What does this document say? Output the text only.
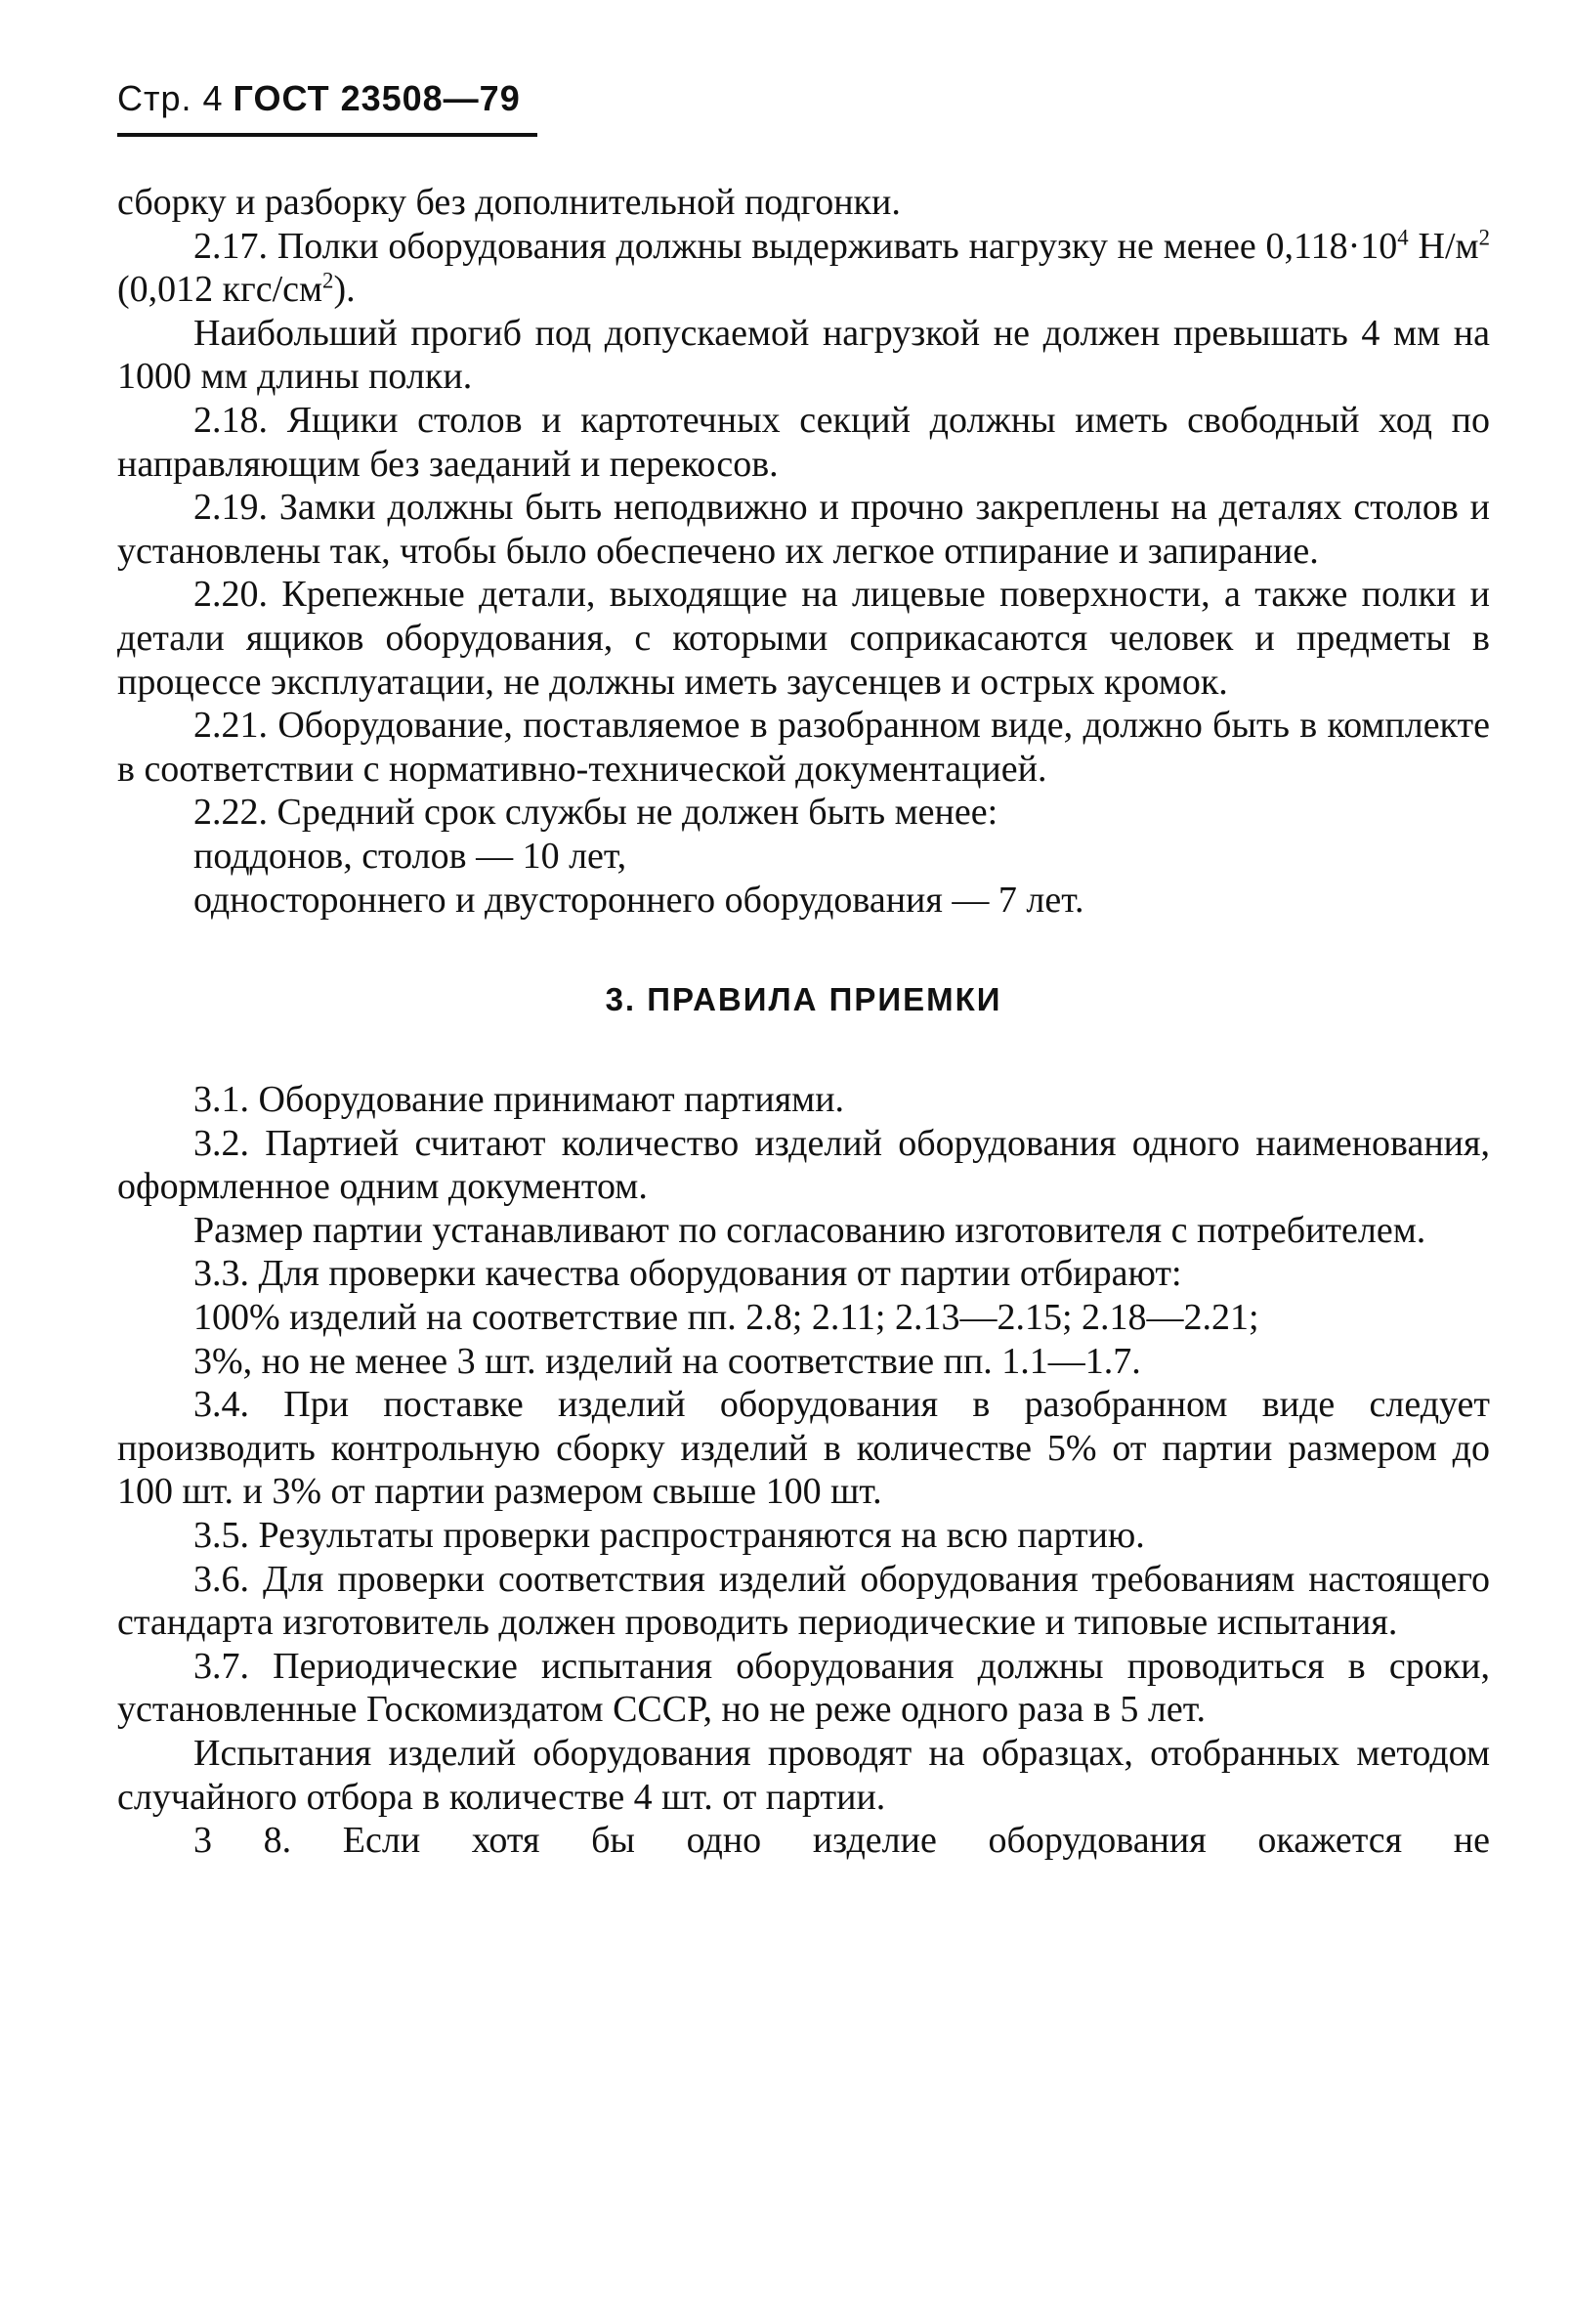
Стр. 4 ГОСТ 23508—79

сборку и разборку без дополнительной подгонки.

2.17. Полки оборудования должны выдерживать нагрузку не менее $0,118\cdot 10^4$ $Н/м^2$ (0,012 кгс/$см^2$).

Наибольший прогиб под допускаемой нагрузкой не должен превышать 4 мм на 1000 мм длины полки.

2.18. Ящики столов и картотечных секций должны иметь свободный ход по направляющим без заеданий и перекосов.

2.19. Замки должны быть неподвижно и прочно закреплены на деталях столов и установлены так, чтобы было обеспечено их легкое отпирание и запирание.

2.20. Крепежные детали, выходящие на лицевые поверхности, а также полки и детали ящиков оборудования, с которыми соприкасаются человек и предметы в процессе эксплуатации, не должны иметь заусенцев и острых кромок.

2.21. Оборудование, поставляемое в разобранном виде, должно быть в комплекте в соответствии с нормативно-технической документацией.

2.22. Средний срок службы не должен быть менее:

поддонов, столов — 10 лет,

одностороннего и двустороннего оборудования — 7 лет.

3. ПРАВИЛА ПРИЕМКИ

3.1. Оборудование принимают партиями.

3.2. Партией считают количество изделий оборудования одного наименования, оформленное одним документом.

Размер партии устанавливают по согласованию изготовителя с потребителем.

3.3. Для проверки качества оборудования от партии отбирают:

100% изделий на соответствие пп. 2.8; 2.11; 2.13—2.15; 2.18—2.21;

3%, но не менее 3 шт. изделий на соответствие пп. 1.1—1.7.

3.4. При поставке изделий оборудования в разобранном виде следует производить контрольную сборку изделий в количестве 5% от партии размером до 100 шт. и 3% от партии размером свыше 100 шт.

3.5. Результаты проверки распространяются на всю партию.

3.6. Для проверки соответствия изделий оборудования требованиям настоящего стандарта изготовитель должен проводить периодические и типовые испытания.

3.7. Периодические испытания оборудования должны проводиться в сроки, установленные Госкомиздатом СССР, но не реже одного раза в 5 лет.

Испытания изделий оборудования проводят на образцах, отобранных методом случайного отбора в количестве 4 шт. от партии.

3 8. Если хотя бы одно изделие оборудования окажется не
